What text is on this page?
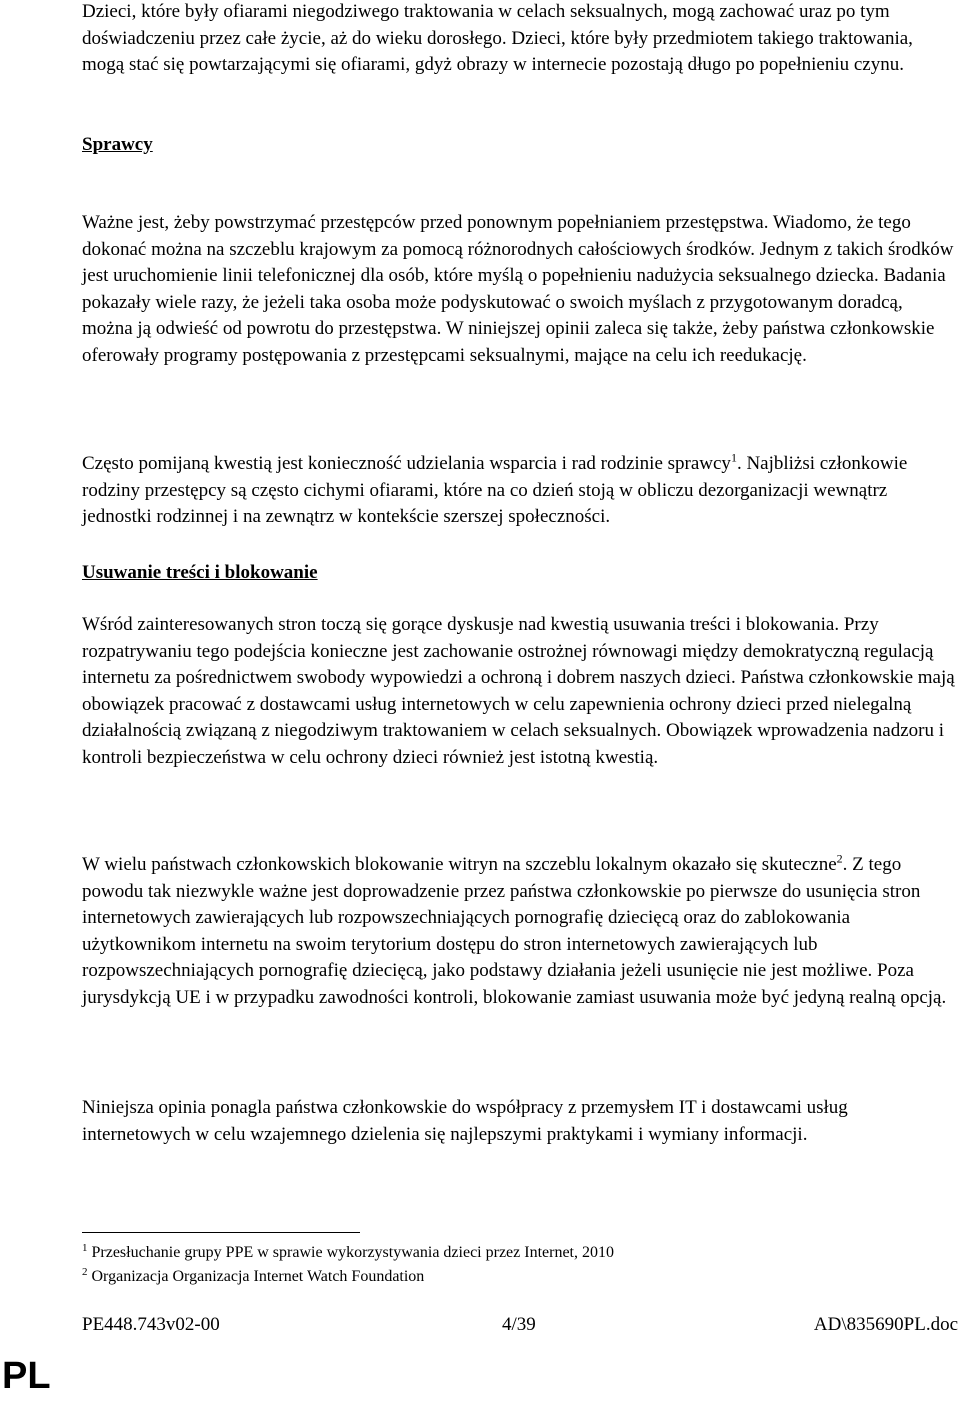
Dzieci, które były ofiarami niegodziwego traktowania w celach seksualnych, mogą zachować uraz po tym doświadczeniu przez całe życie, aż do wieku dorosłego. Dzieci, które były przedmiotem takiego traktowania, mogą stać się powtarzającymi się ofiarami, gdyż obrazy w internecie pozostają długo po popełnieniu czynu.

Sprawcy

Ważne jest, żeby powstrzymać przestępców przed ponownym popełnianiem przestępstwa. Wiadomo, że tego dokonać można na szczeblu krajowym za pomocą różnorodnych całościowych środków. Jednym z takich środków jest uruchomienie linii telefonicznej dla osób, które myślą o popełnieniu nadużycia seksualnego dziecka. Badania pokazały wiele razy, że jeżeli taka osoba może podyskutować o swoich myślach z przygotowanym doradcą, można ją odwieść od powrotu do przestępstwa. W niniejszej opinii zaleca się także, żeby państwa członkowskie oferowały programy postępowania z przestępcami seksualnymi, mające na celu ich reedukację.

Często pomijaną kwestią jest konieczność udzielania wsparcia i rad rodzinie sprawcy$^1$. Najbliżsi członkowie rodziny przestępcy są często cichymi ofiarami, które na co dzień stoją w obliczu dezorganizacji wewnątrz jednostki rodzinnej i na zewnątrz w kontekście szerszej społeczności.

Usuwanie treści i blokowanie

Wśród zainteresowanych stron toczą się gorące dyskusje nad kwestią usuwania treści i blokowania. Przy rozpatrywaniu tego podejścia konieczne jest zachowanie ostrożnej równowagi między demokratyczną regulacją internetu za pośrednictwem swobody wypowiedzi a ochroną i dobrem naszych dzieci. Państwa członkowskie mają obowiązek pracować z dostawcami usług internetowych w celu zapewnienia ochrony dzieci przed nielegalną działalnością związaną z niegodziwym traktowaniem w celach seksualnych. Obowiązek wprowadzenia nadzoru i kontroli bezpieczeństwa w celu ochrony dzieci również jest istotną kwestią.

W wielu państwach członkowskich blokowanie witryn na szczeblu lokalnym okazało się skuteczne$^2$. Z tego powodu tak niezwykle ważne jest doprowadzenie przez państwa członkowskie po pierwsze do usunięcia stron internetowych zawierających lub rozpowszechniających pornografię dziecięcą oraz do zablokowania użytkownikom internetu na swoim terytorium dostępu do stron internetowych zawierających lub rozpowszechniających pornografię dziecięcą, jako podstawy działania jeżeli usunięcie nie jest możliwe. Poza jurysdykcją UE i w przypadku zawodności kontroli, blokowanie zamiast usuwania może być jedyną realną opcją.

Niniejsza opinia ponagla państwa członkowskie do współpracy z przemysłem IT i dostawcami usług internetowych w celu wzajemnego dzielenia się najlepszymi praktykami i wymiany informacji.

$^1$ Przesłuchanie grupy PPE w sprawie wykorzystywania dzieci przez Internet, 2010

$^2$ Organizacja Organizacja Internet Watch Foundation

PE448.743v02-00	4/39	AD\835690PL.doc
PL
